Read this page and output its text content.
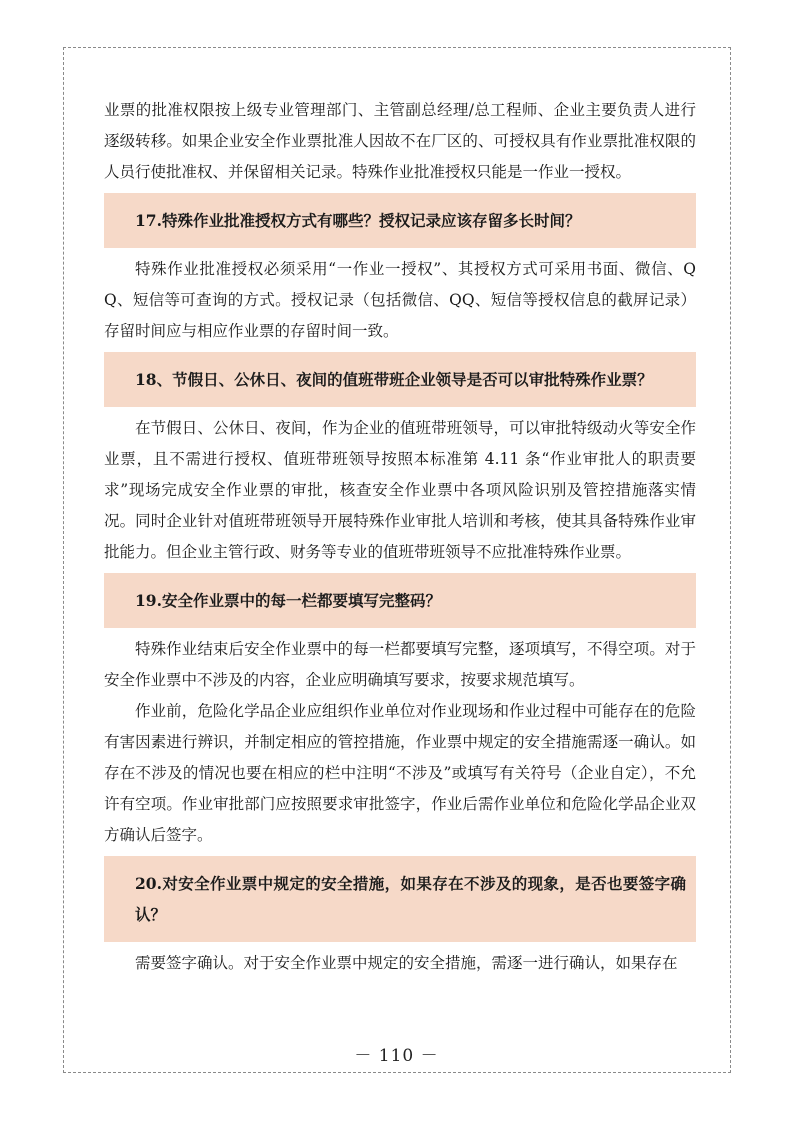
业票的批准权限按上级专业管理部门、主管副总经理/总工程师、企业主要负责人进行逐级转移。如果企业安全作业票批准人因故不在厂区的、可授权具有作业票批准权限的人员行使批准权、并保留相关记录。特殊作业批准授权只能是一作业一授权。

17.特殊作业批准授权方式有哪些？授权记录应该存留多长时间？

特殊作业批准授权必须采用“一作业一授权”、其授权方式可采用书面、微信、QQ、短信等可查询的方式。授权记录（包括微信、QQ、短信等授权信息的截屏记录）存留时间应与相应作业票的存留时间一致。

18、节假日、公休日、夜间的值班带班企业领导是否可以审批特殊作业票？

在节假日、公休日、夜间，作为企业的值班带班领导，可以审批特级动火等安全作业票，且不需进行授权、值班带班领导按照本标准第 4.11 条“作业审批人的职责要求”现场完成安全作业票的审批，核查安全作业票中各项风险识别及管控措施落实情况。同时企业针对值班带班领导开展特殊作业审批人培训和考核，使其具备特殊作业审批能力。但企业主管行政、财务等专业的值班带班领导不应批准特殊作业票。

19.安全作业票中的每一栏都要填写完整码？

特殊作业结束后安全作业票中的每一栏都要填写完整，逐项填写，不得空项。对于安全作业票中不涉及的内容，企业应明确填写要求，按要求规范填写。

作业前，危险化学品企业应组织作业单位对作业现场和作业过程中可能存在的危险有害因素进行辨识，并制定相应的管控措施，作业票中规定的安全措施需逐一确认。如存在不涉及的情况也要在相应的栏中注明“不涉及”或填写有关符号（企业自定），不允许有空项。作业审批部门应按照要求审批签字，作业后需作业单位和危险化学品企业双方确认后签字。

20.对安全作业票中规定的安全措施，如果存在不涉及的现象，是否也要签字确认？

需要签字确认。对于安全作业票中规定的安全措施，需逐一进行确认，如果存在

－ 110 －
